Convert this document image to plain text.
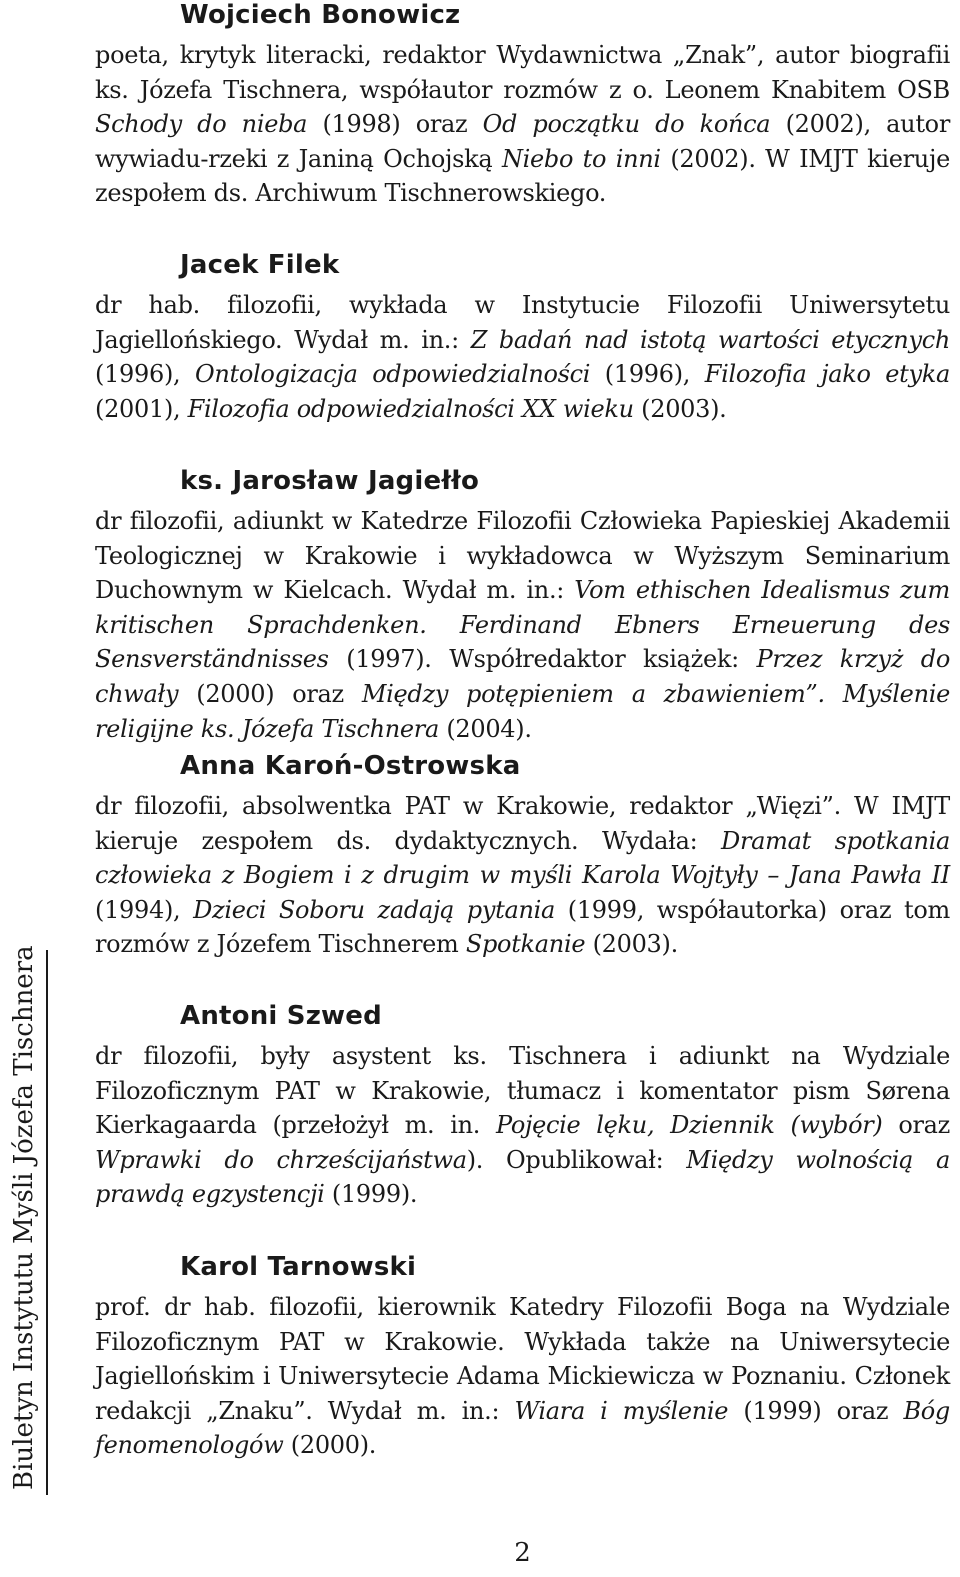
Wojciech Bonowicz

poeta, krytyk literacki, redaktor Wydawnictwa „Znak”, autor biografii ks. Józefa Tischnera, współautor rozmów z o. Leonem Knabitem OSB Schody do nieba (1998) oraz Od początku do końca (2002), autor wywiadu-rzeki z Janiną Ochojską Niebo to inni (2002). W IMJT kieruje zespołem ds. Archiwum Tischnerowskiego.

Jacek Filek

dr hab. filozofii, wykłada w Instytucie Filozofii Uniwersytetu Jagiellońskiego. Wydał m. in.: Z badań nad istotą wartości etycznych (1996), Ontologizacja odpowiedzialności (1996), Filozofia jako etyka (2001), Filozofia odpowiedzialności XX wieku (2003).

ks. Jarosław Jagiełło

dr filozofii, adiunkt w Katedrze Filozofii Człowieka Papieskiej Akademii Teologicznej w Krakowie i wykładowca w Wyższym Seminarium Duchownym w Kielcach. Wydał m. in.: Vom ethischen Idealismus zum kritischen Sprachdenken. Ferdinand Ebners Erneuerung des Sensverständnisses (1997). Współredaktor książek: Przez krzyż do chwały (2000) oraz Między potępieniem a zbawieniem”. Myślenie religijne ks. Józefa Tischnera (2004).

Anna Karoń-Ostrowska

dr filozofii, absolwentka PAT w Krakowie, redaktor „Więzi”. W IMJT kieruje zespołem ds. dydaktycznych. Wydała: Dramat spotkania człowieka z Bogiem i z drugim w myśli Karola Wojtyły – Jana Pawła II (1994), Dzieci Soboru zadają pytania (1999, współautorka) oraz tom rozmów z Józefem Tischnerem Spotkanie (2003).

Antoni Szwed

dr filozofii, były asystent ks. Tischnera i adiunkt na Wydziale Filozoficznym PAT w Krakowie, tłumacz i komentator pism Sørena Kierkagaarda (przełożył m. in. Pojęcie lęku, Dziennik (wybór) oraz Wprawki do chrześcijaństwa). Opublikował: Między wolnością a prawdą egzystencji (1999).

Karol Tarnowski

prof. dr hab. filozofii, kierownik Katedry Filozofii Boga na Wydziale Filozoficznym PAT w Krakowie. Wykłada także na Uniwersytecie Jagiellońskim i Uniwersytecie Adama Mickiewicza w Poznaniu. Członek redakcji „Znaku”. Wydał m. in.: Wiara i myślenie (1999) oraz Bóg fenomenologów (2000).

Biuletyn Instytutu Myśli Józefa Tischnera
2
